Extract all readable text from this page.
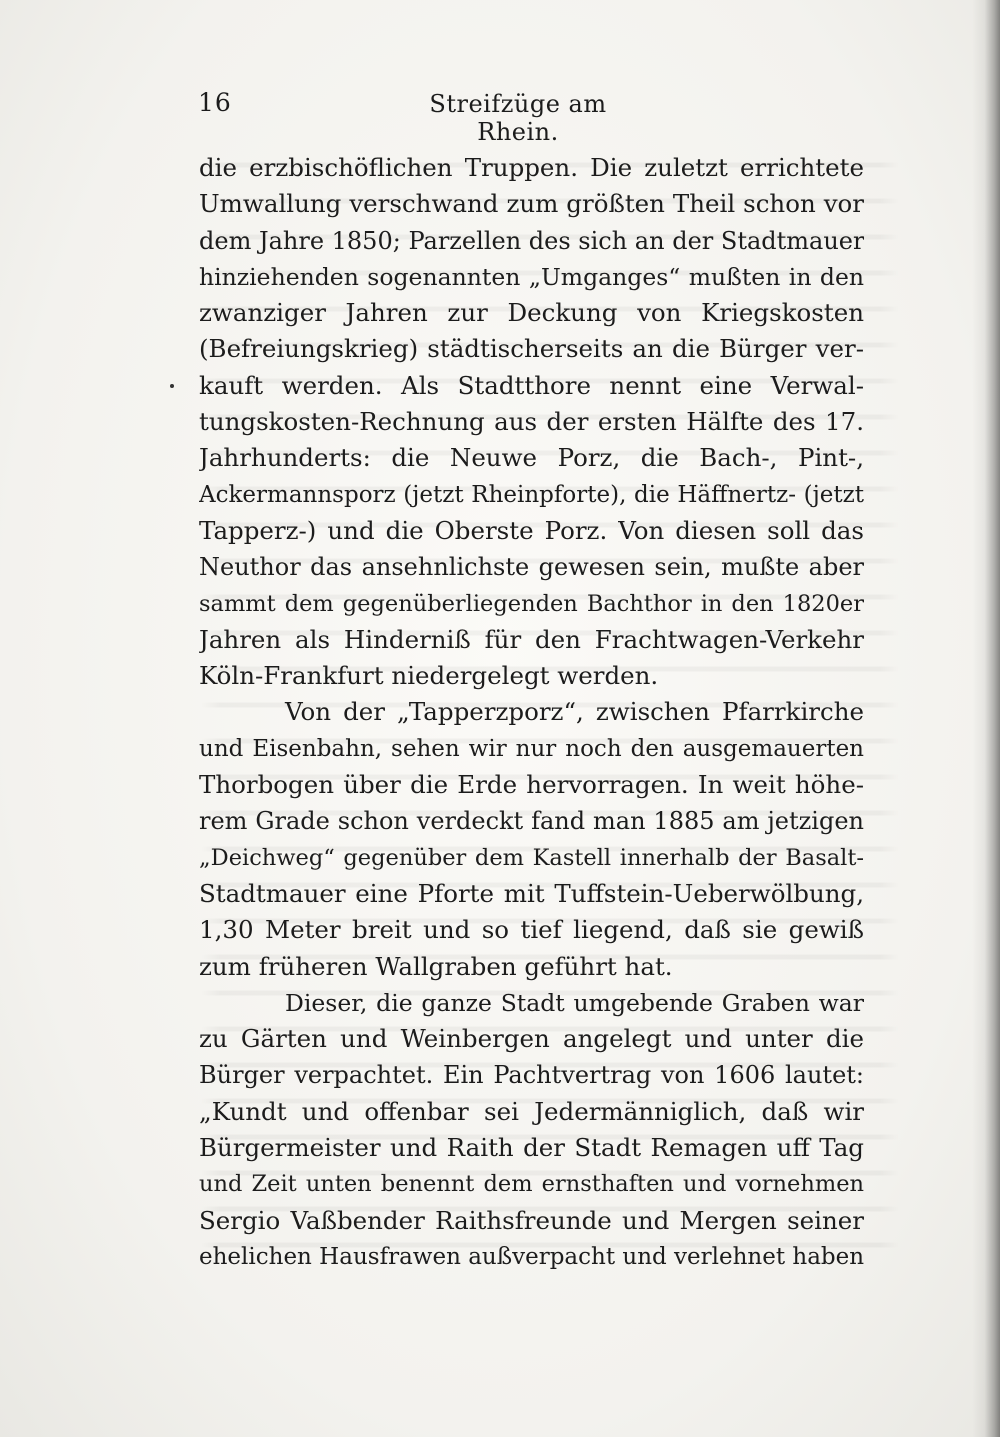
16	Streifzüge am Rhein.
die erzbischöflichen Truppen. Die zuletzt errichtete
Umwallung verschwand zum größten Theil schon vor
dem Jahre 1850; Parzellen des sich an der Stadtmauer
hinziehenden sogenannten „Umganges“ mußten in den
zwanziger Jahren zur Deckung von Kriegskosten
(Befreiungskrieg) städtischerseits an die Bürger ver-
kauft werden. Als Stadtthore nennt eine Verwal-
tungskosten-Rechnung aus der ersten Hälfte des 17.
Jahrhunderts: die Neuwe Porz, die Bach-, Pint-,
Ackermannsporz (jetzt Rheinpforte), die Häffnertz- (jetzt
Tapperz-) und die Oberste Porz. Von diesen soll das
Neuthor das ansehnlichste gewesen sein, mußte aber
sammt dem gegenüberliegenden Bachthor in den 1820er
Jahren als Hinderniß für den Frachtwagen-Verkehr
Köln-Frankfurt niedergelegt werden.
Von der „Tapperzporz“, zwischen Pfarrkirche
und Eisenbahn, sehen wir nur noch den ausgemauerten
Thorbogen über die Erde hervorragen. In weit höhe-
rem Grade schon verdeckt fand man 1885 am jetzigen
„Deichweg“ gegenüber dem Kastell innerhalb der Basalt-
Stadtmauer eine Pforte mit Tuffstein-Ueberwölbung,
1,30 Meter breit und so tief liegend, daß sie gewiß
zum früheren Wallgraben geführt hat.
Dieser, die ganze Stadt umgebende Graben war
zu Gärten und Weinbergen angelegt und unter die
Bürger verpachtet. Ein Pachtvertrag von 1606 lautet:
„Kundt und offenbar sei Jedermänniglich, daß wir
Bürgermeister und Raith der Stadt Remagen uff Tag
und Zeit unten benennt dem ernsthaften und vornehmen
Sergio Vaßbender Raithsfreunde und Mergen seiner
ehelichen Hausfrawen außverpacht und verlehnet haben
